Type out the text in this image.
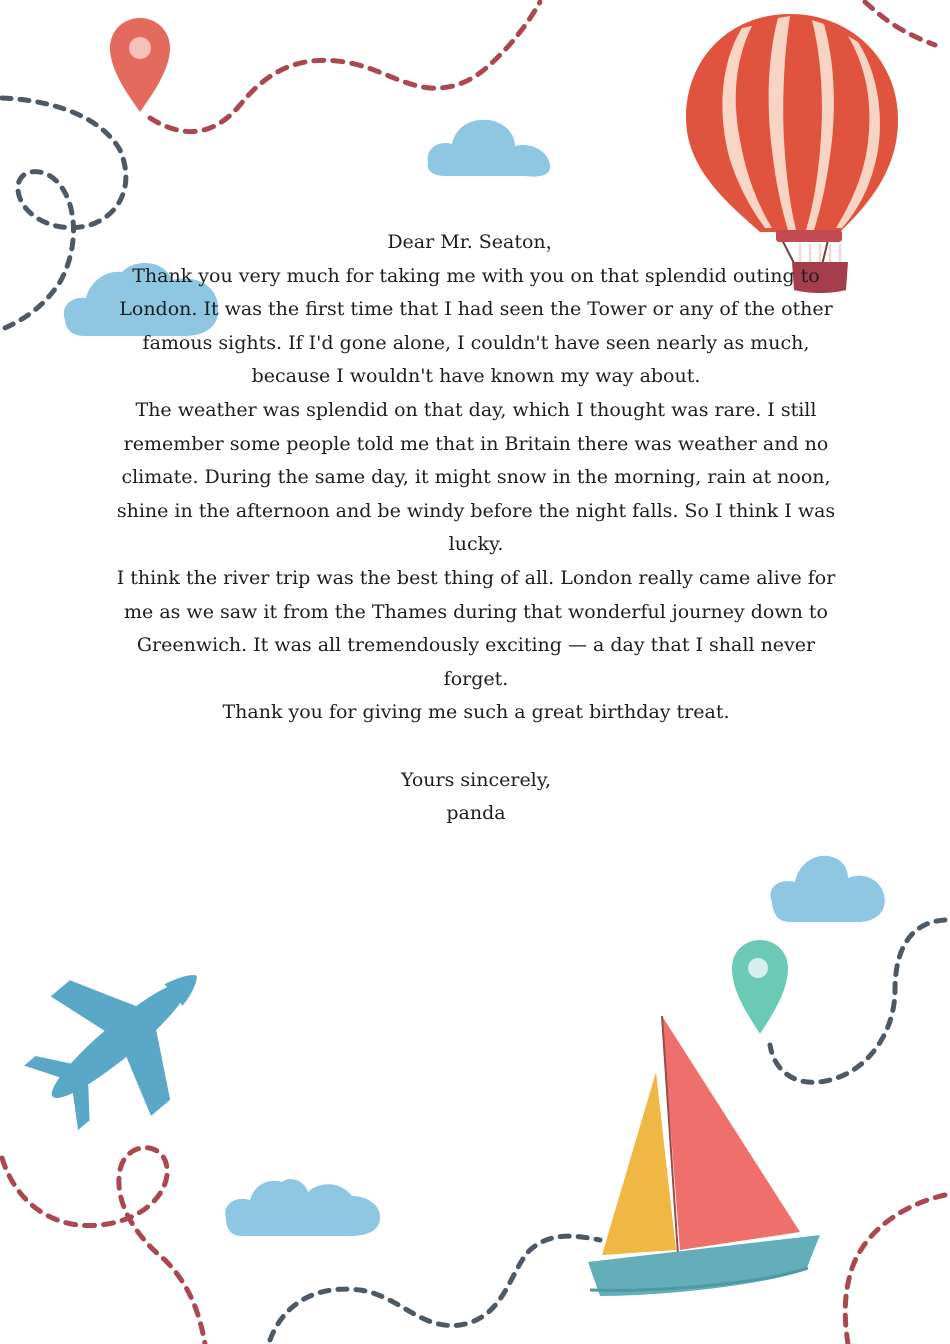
Dear Mr. Seaton，

Thank you very much for taking me with you on that splendid outing to London. It was the first time that I had seen the Tower or any of the other famous sights. If I'd gone alone, I couldn't have seen nearly as much, because I wouldn't have known my way about.

The weather was splendid on that day, which I thought was rare. I still remember some people told me that in Britain there was weather and no climate. During the same day, it might snow in the morning, rain at noon, shine in the afternoon and be windy before the night falls. So I think I was lucky.

I think the river trip was the best thing of all. London really came alive for me as we saw it from the Thames during that wonderful journey down to Greenwich. It was all tremendously exciting — a day that I shall never forget.

Thank you for giving me such a great birthday treat.

Yours sincerely,

panda
